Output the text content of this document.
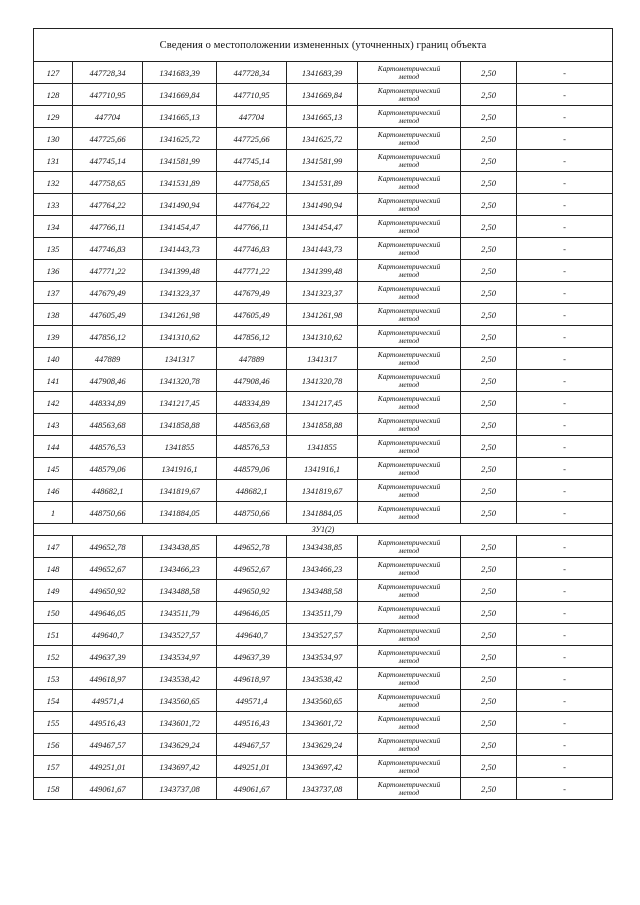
Сведения о местоположении измененных (уточненных) границ объекта							
127	447728,34	1341683,39	447728,34	1341683,39	Картометрический
метод	2,50	-
128	447710,95	1341669,84	447710,95	1341669,84	Картометрический
метод	2,50	-
129	447704	1341665,13	447704	1341665,13	Картометрический
метод	2,50	-
130	447725,66	1341625,72	447725,66	1341625,72	Картометрический
метод	2,50	-
131	447745,14	1341581,99	447745,14	1341581,99	Картометрический
метод	2,50	-
132	447758,65	1341531,89	447758,65	1341531,89	Картометрический
метод	2,50	-
133	447764,22	1341490,94	447764,22	1341490,94	Картометрический
метод	2,50	-
134	447766,11	1341454,47	447766,11	1341454,47	Картометрический
метод	2,50	-
135	447746,83	1341443,73	447746,83	1341443,73	Картометрический
метод	2,50	-
136	447771,22	1341399,48	447771,22	1341399,48	Картометрический
метод	2,50	-
137	447679,49	1341323,37	447679,49	1341323,37	Картометрический
метод	2,50	-
138	447605,49	1341261,98	447605,49	1341261,98	Картометрический
метод	2,50	-
139	447856,12	1341310,62	447856,12	1341310,62	Картометрический
метод	2,50	-
140	447889	1341317	447889	1341317	Картометрический
метод	2,50	-
141	447908,46	1341320,78	447908,46	1341320,78	Картометрический
метод	2,50	-
142	448334,89	1341217,45	448334,89	1341217,45	Картометрический
метод	2,50	-
143	448563,68	1341858,88	448563,68	1341858,88	Картометрический
метод	2,50	-
144	448576,53	1341855	448576,53	1341855	Картометрический
метод	2,50	-
145	448579,06	1341916,1	448579,06	1341916,1	Картометрический
метод	2,50	-
146	448682,1	1341819,67	448682,1	1341819,67	Картометрический
метод	2,50	-
1	448750,66	1341884,05	448750,66	1341884,05	Картометрический
метод	2,50	-
ЗУ1(2)							
147	449652,78	1343438,85	449652,78	1343438,85	Картометрический
метод	2,50	-
148	449652,67	1343466,23	449652,67	1343466,23	Картометрический
метод	2,50	-
149	449650,92	1343488,58	449650,92	1343488,58	Картометрический
метод	2,50	-
150	449646,05	1343511,79	449646,05	1343511,79	Картометрический
метод	2,50	-
151	449640,7	1343527,57	449640,7	1343527,57	Картометрический
метод	2,50	-
152	449637,39	1343534,97	449637,39	1343534,97	Картометрический
метод	2,50	-
153	449618,97	1343538,42	449618,97	1343538,42	Картометрический
метод	2,50	-
154	449571,4	1343560,65	449571,4	1343560,65	Картометрический
метод	2,50	-
155	449516,43	1343601,72	449516,43	1343601,72	Картометрический
метод	2,50	-
156	449467,57	1343629,24	449467,57	1343629,24	Картометрический
метод	2,50	-
157	449251,01	1343697,42	449251,01	1343697,42	Картометрический
метод	2,50	-
158	449061,67	1343737,08	449061,67	1343737,08	Картометрический
метод	2,50	-
